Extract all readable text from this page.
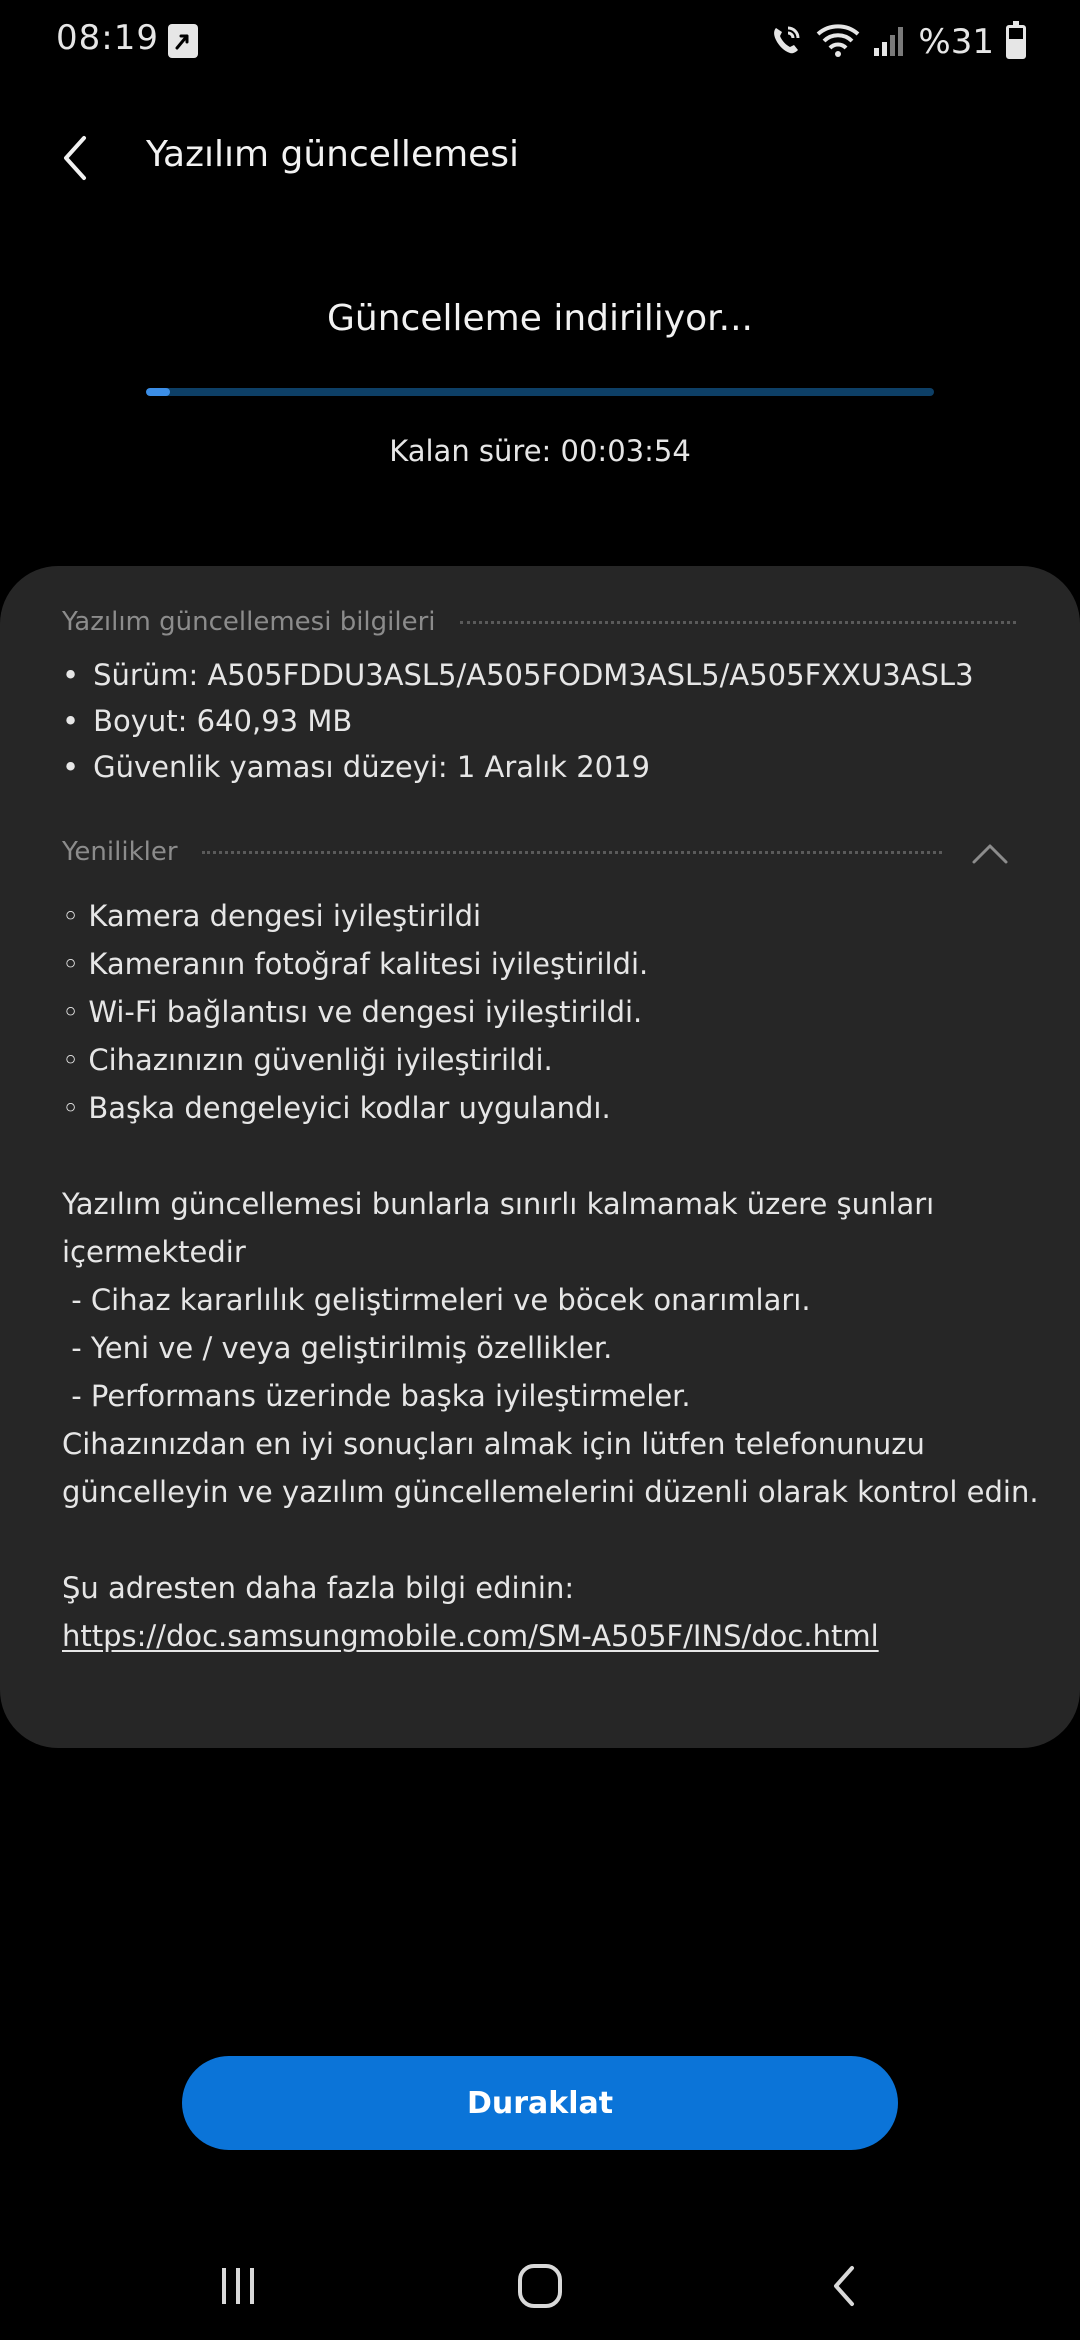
08:19	%31
Yazılım güncellemesi
Güncelleme indiriliyor...
Kalan süre: 00:03:54
Yazılım güncellemesi bilgileri
• Sürüm: A505FDDU3ASL5/A505FODM3ASL5/A505FXXU3ASL3
• Boyut: 640,93 MB
• Güvenlik yaması düzeyi: 1 Aralık 2019
Yenilikler
◦ Kamera dengesi iyileştirildi
◦ Kameranın fotoğraf kalitesi iyileştirildi.
◦ Wi-Fi bağlantısı ve dengesi iyileştirildi.
◦ Cihazınızın güvenliği iyileştirildi.
◦ Başka dengeleyici kodlar uygulandı.
Yazılım güncellemesi bunlarla sınırlı kalmamak üzere şunları içermektedir
- Cihaz kararlılık geliştirmeleri ve böcek onarımları.
- Yeni ve / veya geliştirilmiş özellikler.
- Performans üzerinde başka iyileştirmeler.
Cihazınızdan en iyi sonuçları almak için lütfen telefonunuzu güncelleyin ve yazılım güncellemelerini düzenli olarak kontrol edin.
Şu adresten daha fazla bilgi edinin:
https://doc.samsungmobile.com/SM-A505F/INS/doc.html
Duraklat
